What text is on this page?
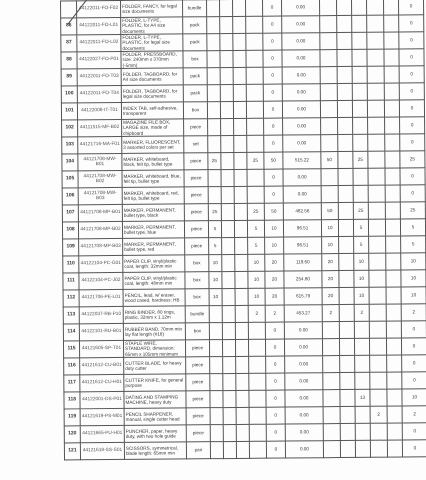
	44122011-FO-F02	FOLDER, FANCY, for legal size documents	bundle					0	0.00						0
86	44122011-FO-L01	FOLDER, L-TYPE, PLASTIC, for A4 size documents	pack					0	0.00						0
87	44122011-FO-L02	FOLDER, L-TYPE, PLASTIC, for legal size documents	pack					0	0.00						0
88	44122027-FO-P01	FOLDER, PRESSBOARD, size: 240mm x 370mm (-5mm)	box					0	0.00						0
89	44122011-FO-T03	FOLDER, TAGBOARD, for A4 size documents	pack					0	0.00						0
100	44122011-FO-T04	FOLDER, TAGBOARD, for legal size documents	pack					0	0.00						0
101	44122008-IT-T01	INDEX TAB, self-adhesive, transparent	box					0	0.00						0
102	44111515-MF-B02	MAGAZINE FILE BOX, LARGE size, made of chipboard	piece					0	0.00						0
103	44121716-MA-F01	MARKER, FLUORESCENT, 3 assorted colors per set	set					0	0.00						0
104	44121708-MW-B01	MARKER, whiteboard, black, felt tip, bullet type	piece	25			25	50	515.22	50		25			25
105	44121708-MW-B02	MARKER, whiteboard, blue, felt tip, bullet type	piece					0	0.00						0
106	44121708-MW-B03	MARKER, whiteboard, red, felt tip, bullet type	piece					0	0.00						0
107	44121708-MP-B01	MARKER, PERMANENT, bullet type, black	piece	25			25	50	482.56	50		25			25
108	44121708-MP-B02	MARKER, PERMANENT, bullet type, blue	piece	5			5	10	96.51	10		5			5
109	44121708-MP-B03	MARKER, PERMANENT, bullet type, red	piece	5			5	10	96.51	10		5			5
110	44122104-PC-G01	PAPER CLIP, vinyl/plastic coat, length: 32mm min	box	10			10	20	119.60	20		10			10
111	44122104-PC-J02	PAPER CLIP, vinyl/plastic coat, length: 48mm min	box	10			10	20	254.80	20		10			10
112	44121706-PE-L01	PENCIL, lead, w/ eraser, wood cased, hardness: HB	box	10			10	20	615.79	20		10			10
113	44122037-RB-P10	RING BINDER, 80 rings, plastic, 32mm x 1.12m	bundle				2	2	453.27	2		2			2
114	44122101-RU-B01	RUBBER BAND, 70mm min lay flat length (#18)	box					0	0.00						0
115	44121605-SP-T01	STAPLE WIRE, STANDARD, dimension: 65mm x 105mm minimum	piece					0	0.00						0
116	44121612-CU-B01	CUTTER BLADE, for heavy duty cutter	piece					0	0.00						0
117	44121612-CU-H01	CUTTER KNIFE, for general purpose	piece					0	0.00						0
118	44122001-DS-P01	DATING AND STAMPING MACHINE, heavy duty	piece					0	0.00			13			10
119	44121619-PS-M01	PENCIL SHARPENER, manual, single cutter head	piece					0	0.00				2		2
120	44121665-PU-H01	PUNCHER, paper, heavy duty, with two hole guide	piece					0	0.00						0
121	44121618-SS-S01	SCISSORS, symmetrical, blade length: 65mm min	pair					0	0.00						0
